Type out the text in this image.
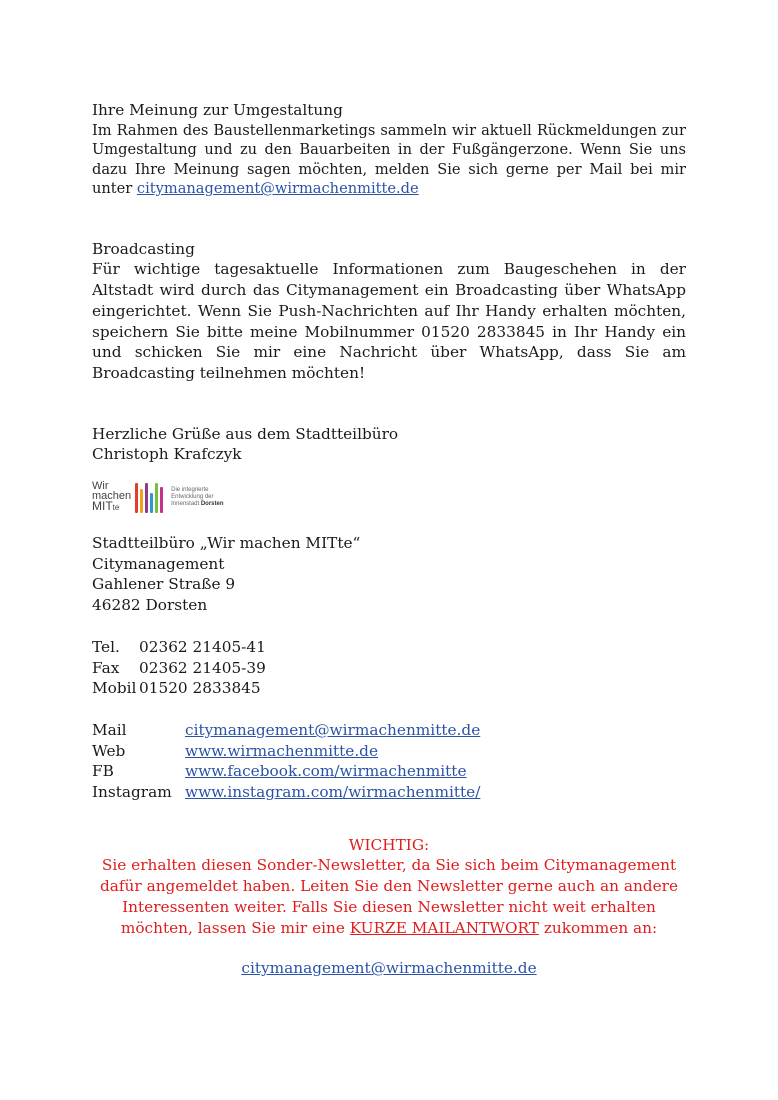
Ihre Meinung zur Umgestaltung
Im Rahmen des Baustellenmarketings sammeln wir aktuell Rückmeldungen zur Umgestaltung und zu den Bauarbeiten in der Fußgängerzone. Wenn Sie uns dazu Ihre Meinung sagen möchten, melden Sie sich gerne per Mail bei mir unter citymanagement@wirmachenmitte.de
Broadcasting
Für wichtige tagesaktuelle Informationen zum Baugeschehen in der Altstadt wird durch das Citymanagement ein Broadcasting über WhatsApp eingerichtet. Wenn Sie Push-Nachrichten auf Ihr Handy erhalten möchten, speichern Sie bitte meine Mobilnummer 01520 2833845 in Ihr Handy ein und schicken Sie mir eine Nachricht über WhatsApp, dass Sie am Broadcasting teilnehmen möchten!
Herzliche Grüße aus dem Stadtteilbüro
Christoph Krafczyk
Wir
machen
MITte
Die integrierte
Entwicklung der
Innenstadt Dorsten
Stadtteilbüro „Wir machen MITte“
Citymanagement
Gahlener Straße 9
46282 Dorsten
Tel.	02362 21405-41
Fax	02362 21405-39
Mobil 01520 2833845
Mail	citymanagement@wirmachenmitte.de
Web	www.wirmachenmitte.de
FB	www.facebook.com/wirmachenmitte
Instagram www.instagram.com/wirmachenmitte/
WICHTIG:
Sie erhalten diesen Sonder-Newsletter, da Sie sich beim Citymanagement dafür angemeldet haben. Leiten Sie den Newsletter gerne auch an andere Interessenten weiter. Falls Sie diesen Newsletter nicht weit erhalten möchten, lassen Sie mir eine KURZE MAILANTWORT zukommen an:
citymanagement@wirmachenmitte.de
